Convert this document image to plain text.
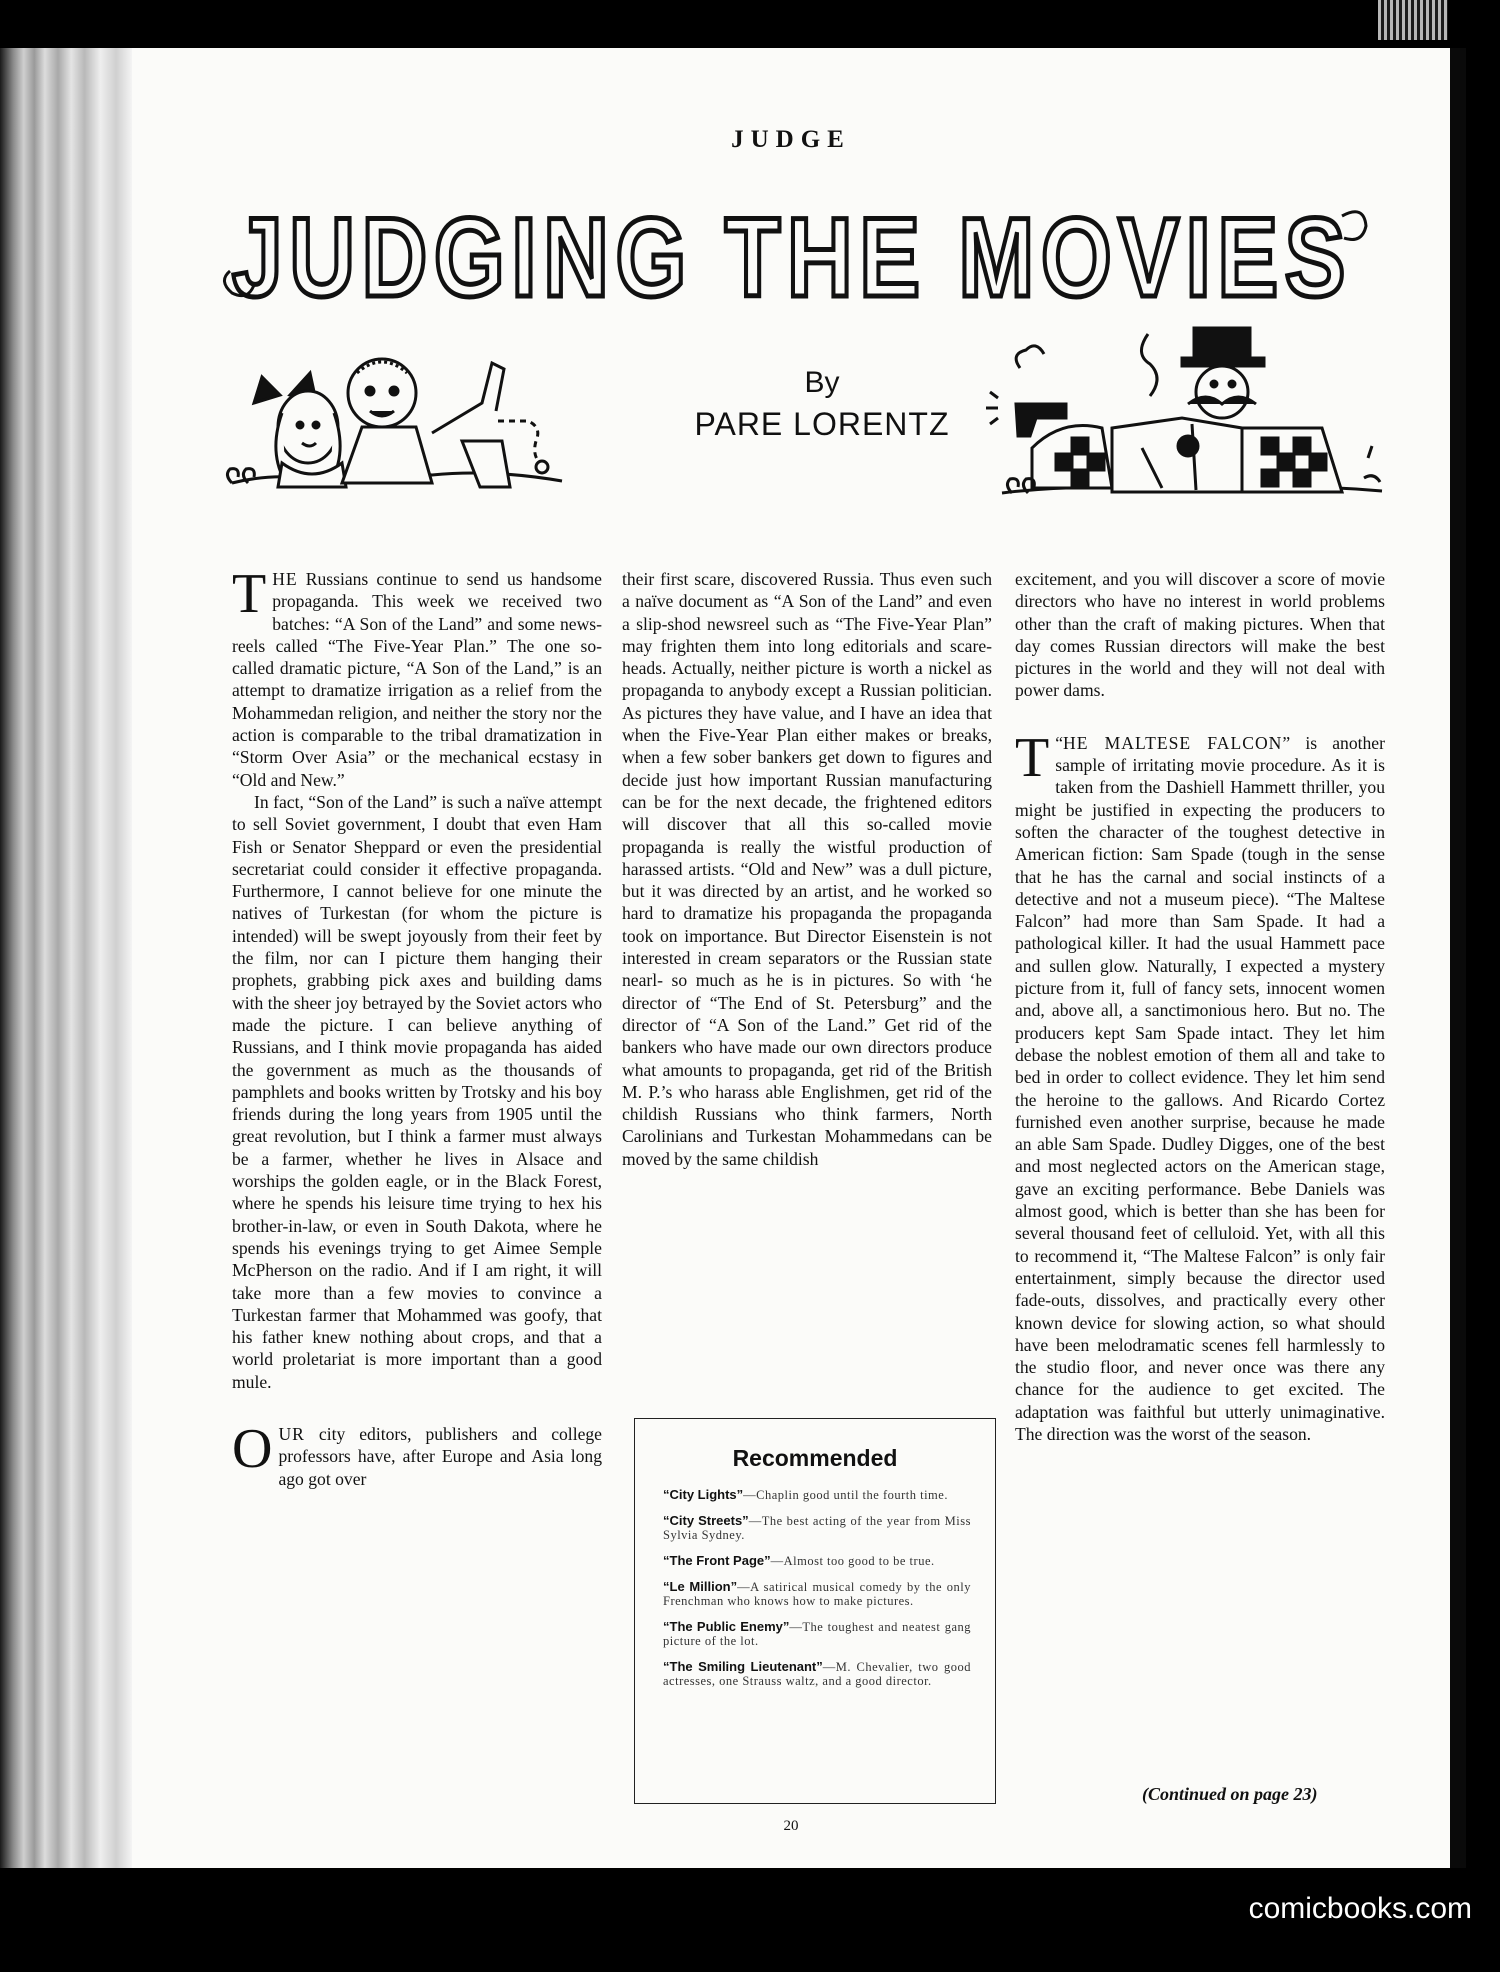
JUDGE
JUDGING THE MOVIES
By
PARE LORENTZ

THE Russians continue to send us handsome propaganda. This week we received two batches: “A Son of the Land” and some news-reels called “The Five-Year Plan.” The one so-called dramatic picture, “A Son of the Land,” is an attempt to dramatize irrigation as a relief from the Mohammedan religion, and neither the story nor the action is comparable to the tribal dramatization in “Storm Over Asia” or the mechanical ecstasy in “Old and New.”

In fact, “Son of the Land” is such a naïve attempt to sell Soviet government, I doubt that even Ham Fish or Senator Sheppard or even the presidential secretariat could consider it effective propaganda. Furthermore, I cannot believe for one minute the natives of Turkestan (for whom the picture is intended) will be swept joyously from their feet by the film, nor can I picture them hanging their prophets, grabbing pick axes and building dams with the sheer joy betrayed by the Soviet actors who made the picture. I can believe anything of Russians, and I think movie propaganda has aided the government as much as the thousands of pamphlets and books written by Trotsky and his boy friends during the long years from 1905 until the great revolution, but I think a farmer must always be a farmer, whether he lives in Alsace and worships the golden eagle, or in the Black Forest, where he spends his leisure time trying to hex his brother-in-law, or even in South Dakota, where he spends his evenings trying to get Aimee Semple McPherson on the radio. And if I am right, it will take more than a few movies to convince a Turkestan farmer that Mohammed was goofy, that his father knew nothing about crops, and that a world proletariat is more important than a good mule.

OUR city editors, publishers and college professors have, after Europe and Asia long ago got over

their first scare, discovered Russia. Thus even such a naïve document as “A Son of the Land” and even a slip-shod newsreel such as “The Five-Year Plan” may frighten them into long editorials and scare-heads. Actually, neither picture is worth a nickel as propaganda to anybody except a Russian politician. As pictures they have value, and I have an idea that when the Five-Year Plan either makes or breaks, when a few sober bankers get down to figures and decide just how important Russian manufacturing can be for the next decade, the frightened editors will discover that all this so-called movie propaganda is really the wistful production of harassed artists. “Old and New” was a dull picture, but it was directed by an artist, and he worked so hard to dramatize his propaganda the propaganda took on importance. But Director Eisenstein is not interested in cream separators or the Russian state nearl‑ so much as he is in pictures. So with ‘he director of “The End of St. Petersburg” and the director of “A Son of the Land.” Get rid of the bankers who have made our own directors produce what amounts to propaganda, get rid of the British M. P.’s who harass able Englishmen, get rid of the childish Russians who think farmers, North Carolinians and Turkestan Mohammedans can be moved by the same childish

excitement, and you will discover a score of movie directors who have no interest in world problems other than the craft of making pictures. When that day comes Russian directors will make the best pictures in the world and they will not deal with power dams.

“
T HE MALTESE FALCON” is another sample of irritating movie procedure. As it is taken from the Dashiell Hammett thriller, you might be justified in expecting the producers to soften the character of the toughest detective in American fiction: Sam Spade (tough in the sense that he has the carnal and social instincts of a detective and not a museum piece). “The Maltese Falcon” had more than Sam Spade. It had a pathological killer. It had the usual Hammett pace and sullen glow. Naturally, I expected a mystery picture from it, full of fancy sets, innocent women and, above all, a sanctimonious hero. But no. The producers kept Sam Spade intact. They let him debase the noblest emotion of them all and take to bed in order to collect evidence. They let him send the heroine to the gallows. And Ricardo Cortez furnished even another surprise, because he made an able Sam Spade. Dudley Digges, one of the best and most neglected actors on the American stage, gave an exciting performance. Bebe Daniels was almost good, which is better than she has been for several thousand feet of celluloid. Yet, with all this to recommend it, “The Maltese Falcon” is only fair entertainment, simply because the director used fade-outs, dissolves, and practically every other known device for slowing action, so what should have been melodramatic scenes fell harmlessly to the studio floor, and never once was there any chance for the audience to get excited. The adaptation was faithful but utterly unimaginative. The direction was the worst of the season.

Recommended
“City Lights”—Chaplin good until the fourth time.
“City Streets”—The best acting of the year from Miss Sylvia Sydney.
“The Front Page”—Almost too good to be true.
“Le Million”—A satirical musical comedy by the only Frenchman who knows how to make pictures.
“The Public Enemy”—The toughest and neatest gang picture of the lot.
“The Smiling Lieutenant”—M. Chevalier, two good actresses, one Strauss waltz, and a good director.
(Continued on page 23)
20
comicbooks.com
